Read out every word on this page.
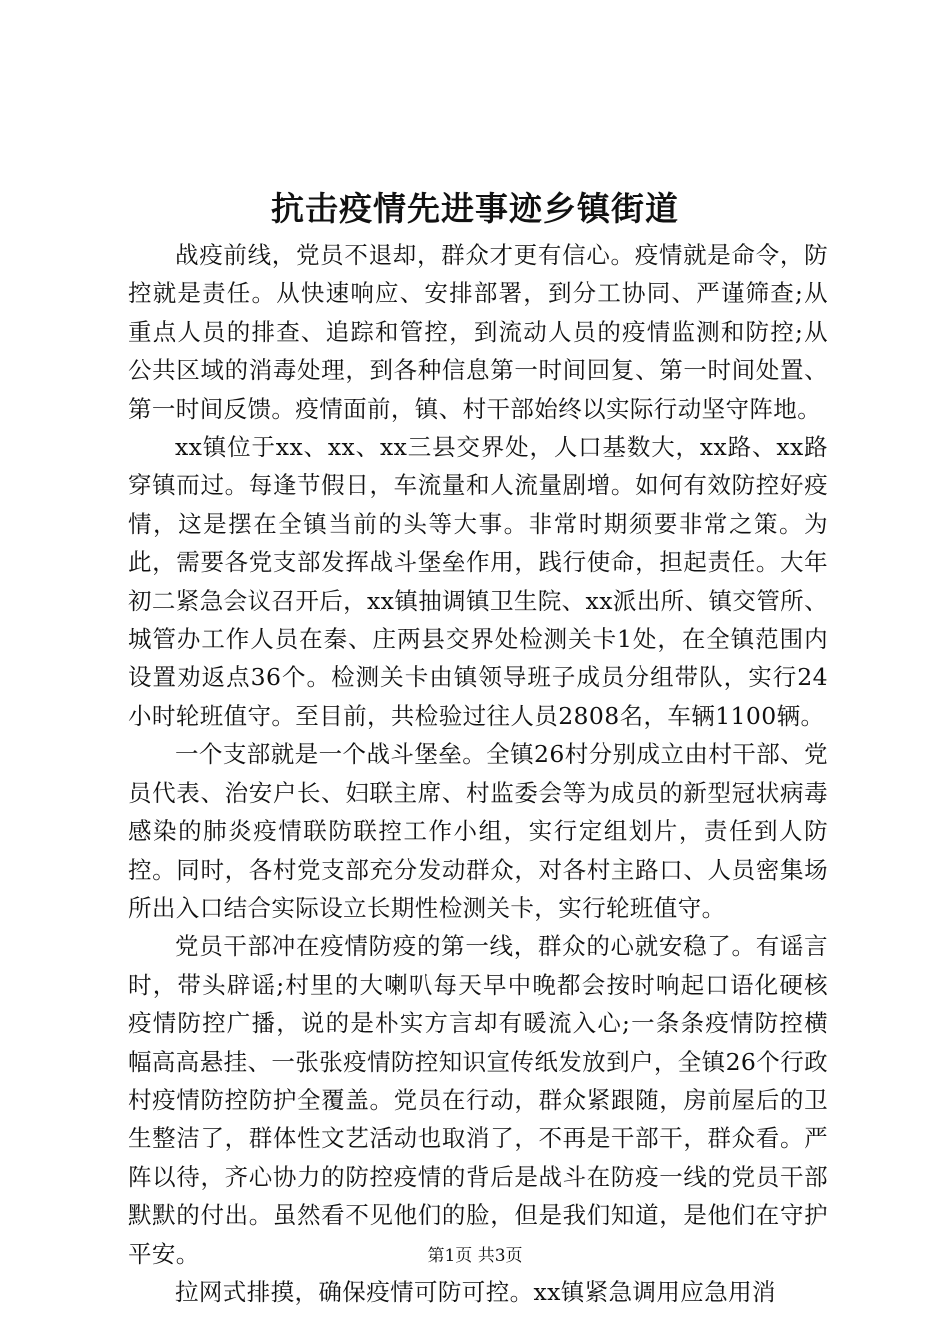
抗击疫情先进事迹乡镇街道

战疫前线，党员不退却，群众才更有信心。疫情就是命令，防控就是责任。从快速响应、安排部署，到分工协同、严谨筛查;从重点人员的排查、追踪和管控，到流动人员的疫情监测和防控;从公共区域的消毒处理，到各种信息第一时间回复、第一时间处置、第一时间反馈。疫情面前，镇、村干部始终以实际行动坚守阵地。

xx镇位于xx、xx、xx三县交界处，人口基数大，xx路、xx路穿镇而过。每逢节假日，车流量和人流量剧增。如何有效防控好疫情，这是摆在全镇当前的头等大事。非常时期须要非常之策。为此，需要各党支部发挥战斗堡垒作用，践行使命，担起责任。大年初二紧急会议召开后，xx镇抽调镇卫生院、xx派出所、镇交管所、城管办工作人员在秦、庄两县交界处检测关卡1处，在全镇范围内设置劝返点36个。检测关卡由镇领导班子成员分组带队，实行24小时轮班值守。至目前，共检验过往人员2808名，车辆1100辆。

一个支部就是一个战斗堡垒。全镇26村分别成立由村干部、党员代表、治安户长、妇联主席、村监委会等为成员的新型冠状病毒感染的肺炎疫情联防联控工作小组，实行定组划片，责任到人防控。同时，各村党支部充分发动群众，对各村主路口、人员密集场所出入口结合实际设立长期性检测关卡，实行轮班值守。

党员干部冲在疫情防疫的第一线，群众的心就安稳了。有谣言时，带头辟谣;村里的大喇叭每天早中晚都会按时响起口语化硬核疫情防控广播，说的是朴实方言却有暖流入心;一条条疫情防控横幅高高悬挂、一张张疫情防控知识宣传纸发放到户，全镇26个行政村疫情防控防护全覆盖。党员在行动，群众紧跟随，房前屋后的卫生整洁了，群体性文艺活动也取消了，不再是干部干，群众看。严阵以待，齐心协力的防控疫情的背后是战斗在防疫一线的党员干部默默的付出。虽然看不见他们的脸，但是我们知道，是他们在守护平安。

拉网式排摸，确保疫情可防可控。xx镇紧急调用应急用消

第1页 共3页
